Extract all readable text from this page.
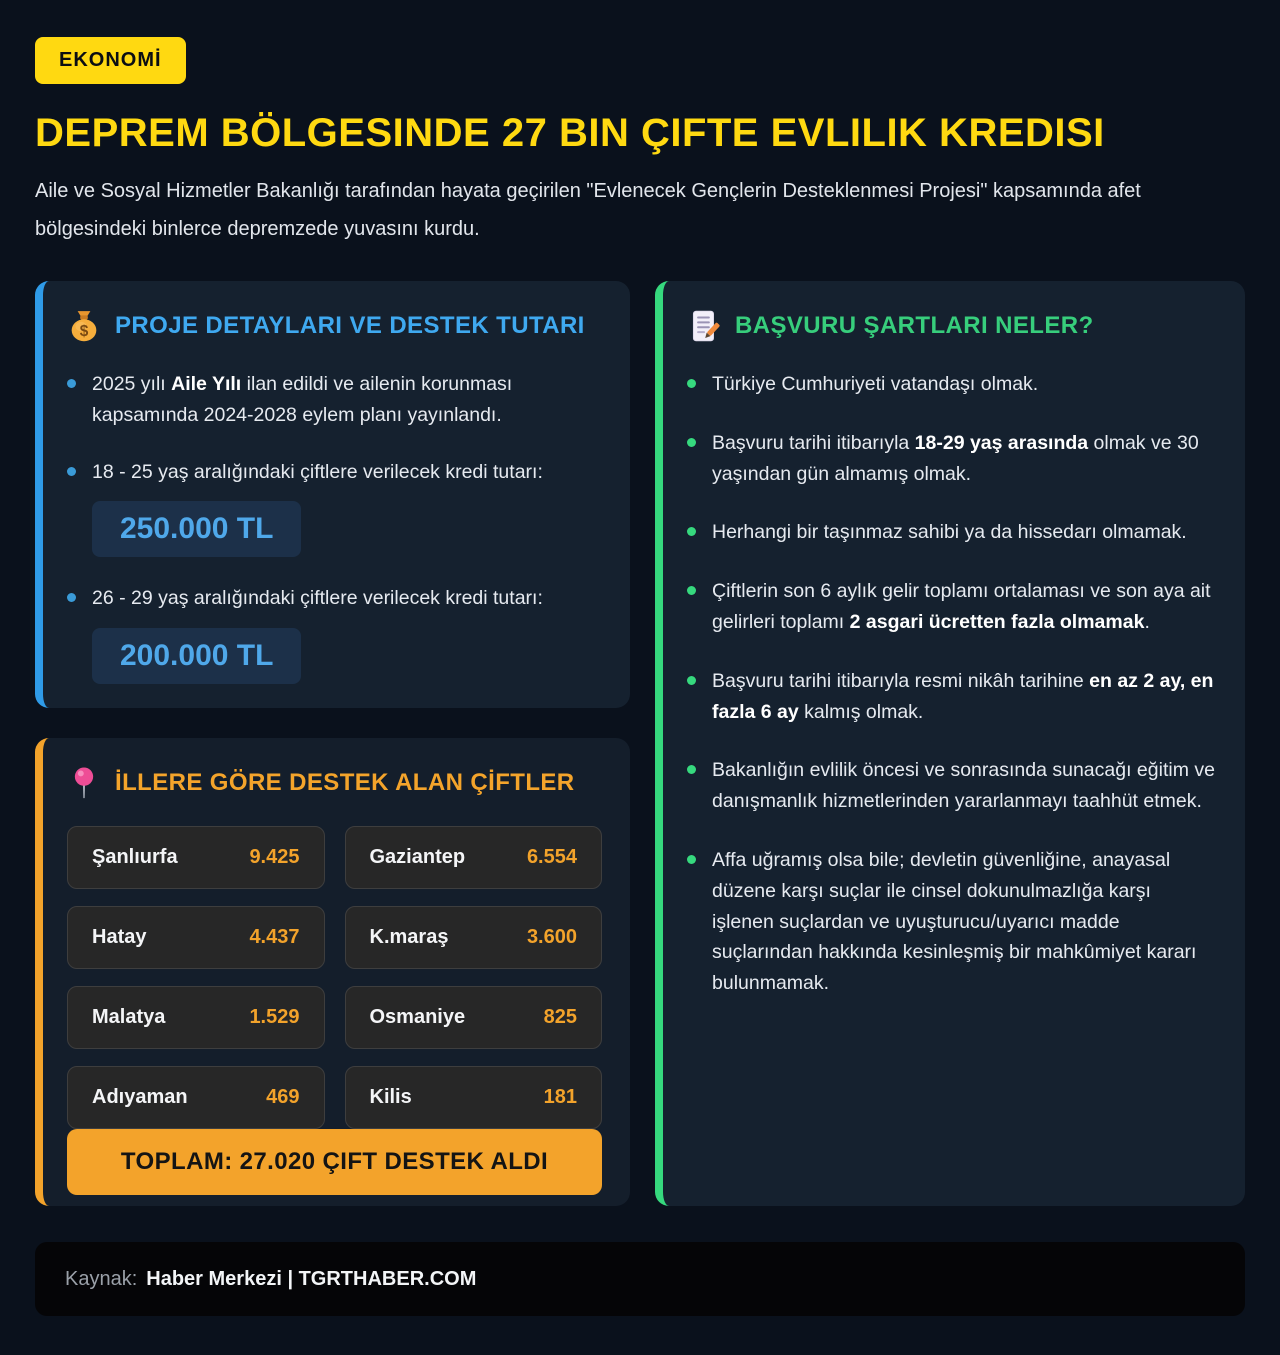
EKONOMİ
DEPREM BÖLGESINDE 27 BIN ÇIFTE EVLILIK KREDISI

Aile ve Sosyal Hizmetler Bakanlığı tarafından hayata geçirilen "Evlenecek Gençlerin Desteklenmesi Projesi" kapsamında afet bölgesindeki binlerce depremzede yuvasını kurdu.

$ PROJE DETAYLARI VE DESTEK TUTARI
2025 yılı Aile Yılı ilan edildi ve ailenin korunması kapsamında 2024-2028 eylem planı yayınlandı.
18 - 25 yaş aralığındaki çiftlere verilecek kredi tutarı:
250.000 TL
26 - 29 yaş aralığındaki çiftlere verilecek kredi tutarı:
200.000 TL
İLLERE GÖRE DESTEK ALAN ÇİFTLER
Şanlıurfa	9.425	Gaziantep	6.554
Hatay	4.437	K.maraş	3.600
Malatya	1.529	Osmaniye	825
Adıyaman	469	Kilis	181
TOPLAM: 27.020 ÇIFT DESTEK ALDI
BAŞVURU ŞARTLARI NELER?
Türkiye Cumhuriyeti vatandaşı olmak.
Başvuru tarihi itibarıyla 18-29 yaş arasında olmak ve 30 yaşından gün almamış olmak.
Herhangi bir taşınmaz sahibi ya da hissedarı olmamak.
Çiftlerin son 6 aylık gelir toplamı ortalaması ve son aya ait gelirleri toplamı 2 asgari ücretten fazla olmamak.
Başvuru tarihi itibarıyla resmi nikâh tarihine en az 2 ay, en fazla 6 ay kalmış olmak.
Bakanlığın evlilik öncesi ve sonrasında sunacağı eğitim ve danışmanlık hizmetlerinden yararlanmayı taahhüt etmek.
Affa uğramış olsa bile; devletin güvenliğine, anayasal düzene karşı suçlar ile cinsel dokunulmazlığa karşı işlenen suçlardan ve uyuşturucu/uyarıcı madde suçlarından hakkında kesinleşmiş bir mahkûmiyet kararı bulunmamak.
Kaynak: Haber Merkezi | TGRTHABER.COM
